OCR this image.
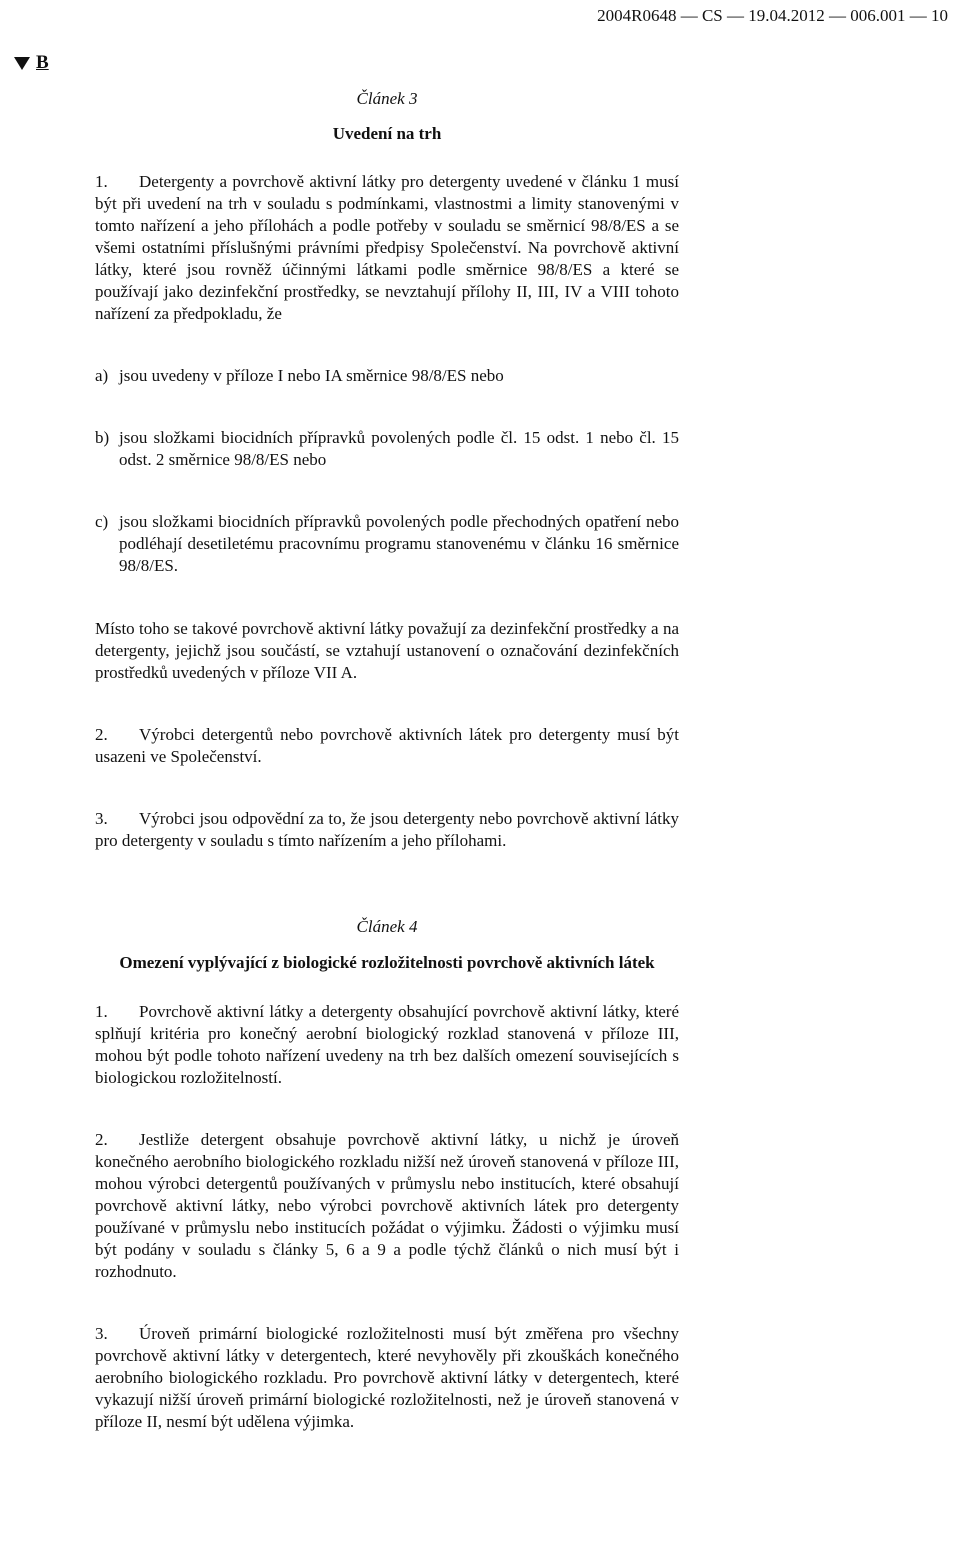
2004R0648 — CS — 19.04.2012 — 006.001 — 10
B
Článek 3
Uvedení na trh

1. Detergenty a povrchově aktivní látky pro detergenty uvedené v článku 1 musí být při uvedení na trh v souladu s podmínkami, vlastnostmi a limity stanovenými v tomto nařízení a jeho přílohách a podle potřeby v souladu se směrnicí 98/8/ES a se všemi ostatními příslušnými právními předpisy Společenství. Na povrchově aktivní látky, které jsou rovněž účinnými látkami podle směrnice 98/8/ES a které se používají jako dezinfekční prostředky, se nevztahují přílohy II, III, IV a VIII tohoto nařízení za předpokladu, že

a) jsou uvedeny v příloze I nebo IA směrnice 98/8/ES nebo
b) jsou složkami biocidních přípravků povolených podle čl. 15 odst. 1 nebo čl. 15 odst. 2 směrnice 98/8/ES nebo
c) jsou složkami biocidních přípravků povolených podle přechodných opatření nebo podléhají desetiletému pracovnímu programu stanovenému v článku 16 směrnice 98/8/ES.

Místo toho se takové povrchově aktivní látky považují za dezinfekční prostředky a na detergenty, jejichž jsou součástí, se vztahují ustanovení o označování dezinfekčních prostředků uvedených v příloze VII A.

2. Výrobci detergentů nebo povrchově aktivních látek pro detergenty musí být usazeni ve Společenství.

3. Výrobci jsou odpovědní za to, že jsou detergenty nebo povrchově aktivní látky pro detergenty v souladu s tímto nařízením a jeho přílohami.

Článek 4
Omezení vyplývající z biologické rozložitelnosti povrchově aktivních látek

1. Povrchově aktivní látky a detergenty obsahující povrchově aktivní látky, které splňují kritéria pro konečný aerobní biologický rozklad stanovená v příloze III, mohou být podle tohoto nařízení uvedeny na trh bez dalších omezení souvisejících s biologickou rozložitelností.

2. Jestliže detergent obsahuje povrchově aktivní látky, u nichž je úroveň konečného aerobního biologického rozkladu nižší než úroveň stanovená v příloze III, mohou výrobci detergentů používaných v průmyslu nebo institucích, které obsahují povrchově aktivní látky, nebo výrobci povrchově aktivních látek pro detergenty používané v průmyslu nebo institucích požádat o výjimku. Žádosti o výjimku musí být podány v souladu s články 5, 6 a 9 a podle týchž článků o nich musí být i rozhodnuto.

3. Úroveň primární biologické rozložitelnosti musí být změřena pro všechny povrchově aktivní látky v detergentech, které nevyhověly při zkouškách konečného aerobního biologického rozkladu. Pro povrchově aktivní látky v detergentech, které vykazují nižší úroveň primární biologické rozložitelnosti, než je úroveň stanovená v příloze II, nesmí být udělena výjimka.
